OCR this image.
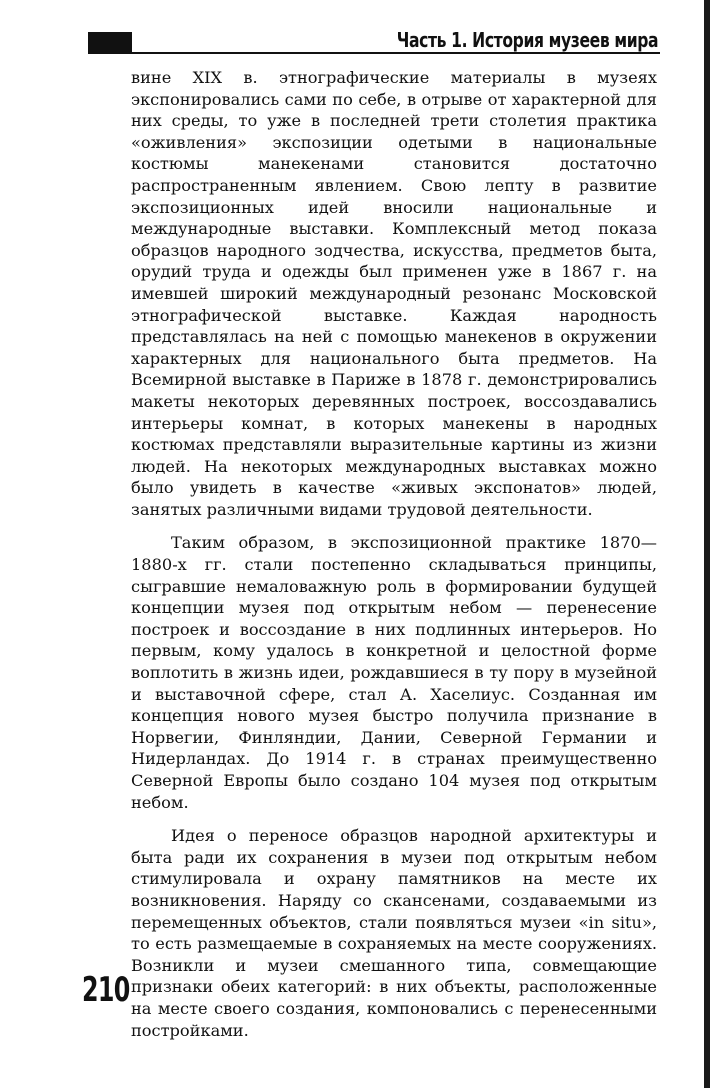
Часть 1. История музеев мира

вине XIX в. этнографические материалы в музеях экспонировались сами по себе, в отрыве от характерной для них среды, то уже в последней трети столетия практика «оживления» экспозиции одетыми в национальные костюмы манекенами становится достаточно распространенным явлением. Свою лепту в развитие экспозиционных идей вносили национальные и международные выставки. Комплексный метод показа образцов народного зодчества, искусства, предметов быта, орудий труда и одежды был применен уже в 1867 г. на имевшей широкий международный резонанс Московской этнографической выставке. Каждая народность представлялась на ней с помощью манекенов в окружении характерных для национального быта предметов. На Всемирной выставке в Париже в 1878 г. демонстрировались макеты некоторых деревянных построек, воссоздавались интерьеры комнат, в которых манекены в народных костюмах представляли выразительные картины из жизни людей. На некоторых международных выставках можно было увидеть в качестве «живых экспонатов» людей, занятых различными видами трудовой деятельности.

Таким образом, в экспозиционной практике 1870—1880-х гг. стали постепенно складываться принципы, сыгравшие немаловажную роль в формировании будущей концепции музея под открытым небом — перенесение построек и воссоздание в них подлинных интерьеров. Но первым, кому удалось в конкретной и целостной форме воплотить в жизнь идеи, рождавшиеся в ту пору в музейной и выставочной сфере, стал А. Хаселиус. Созданная им концепция нового музея быстро получила признание в Норвегии, Финляндии, Дании, Северной Германии и Нидерландах. До 1914 г. в странах преимущественно Северной Европы было создано 104 музея под открытым небом.

Идея о переносе образцов народной архитектуры и быта ради их сохранения в музеи под открытым небом стимулировала и охрану памятников на месте их возникновения. Наряду со скансенами, создаваемыми из перемещенных объектов, стали появляться музеи «in situ», то есть размещаемые в сохраняемых на месте сооружениях. Возникли и музеи смешанного типа, совмещающие признаки обеих категорий: в них объекты, расположенные на месте своего создания, компоновались с перенесенными постройками.

210
